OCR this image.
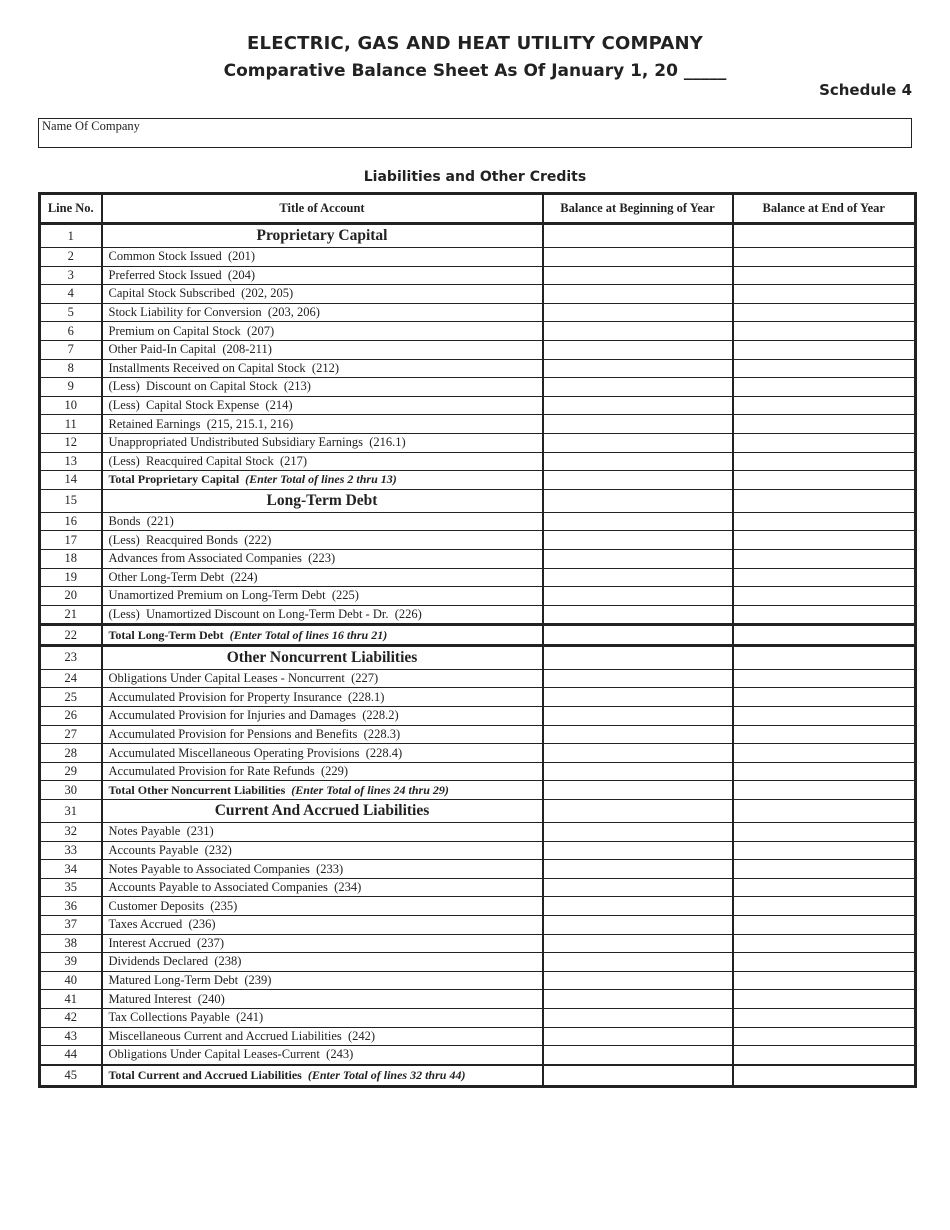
ELECTRIC, GAS AND HEAT UTILITY COMPANY
Comparative Balance Sheet As Of January 1, 20 _____
Schedule 4
Name Of Company
Liabilities and Other Credits
Line No.	Title of Account	Balance at Beginning of Year	Balance at End of Year
1	Proprietary Capital		
2	Common Stock Issued  (201)		
3	Preferred Stock Issued  (204)		
4	Capital Stock Subscribed  (202, 205)		
5	Stock Liability for Conversion  (203, 206)		
6	Premium on Capital Stock  (207)		
7	Other Paid-In Capital  (208-211)		
8	Installments Received on Capital Stock  (212)		
9	(Less)  Discount on Capital Stock  (213)		
10	(Less)  Capital Stock Expense  (214)		
11	Retained Earnings  (215, 215.1, 216)		
12	Unappropriated Undistributed Subsidiary Earnings  (216.1)		
13	(Less)  Reacquired Capital Stock  (217)		
14	Total Proprietary Capital (Enter Total of lines 2 thru 13)		
15	Long-Term Debt		
16	Bonds  (221)		
17	(Less)  Reacquired Bonds  (222)		
18	Advances from Associated Companies  (223)		
19	Other Long-Term Debt  (224)		
20	Unamortized Premium on Long-Term Debt  (225)		
21	(Less)  Unamortized Discount on Long-Term Debt - Dr.  (226)		
22	Total Long-Term Debt (Enter Total of lines 16 thru 21)		
23	Other Noncurrent Liabilities		
24	Obligations Under Capital Leases - Noncurrent  (227)		
25	Accumulated Provision for Property Insurance  (228.1)		
26	Accumulated Provision for Injuries and Damages  (228.2)		
27	Accumulated Provision for Pensions and Benefits  (228.3)		
28	Accumulated Miscellaneous Operating Provisions  (228.4)		
29	Accumulated Provision for Rate Refunds  (229)		
30	Total Other Noncurrent Liabilities (Enter Total of lines 24 thru 29)		
31	Current And Accrued Liabilities		
32	Notes Payable  (231)		
33	Accounts Payable  (232)		
34	Notes Payable to Associated Companies  (233)		
35	Accounts Payable to Associated Companies  (234)		
36	Customer Deposits  (235)		
37	Taxes Accrued  (236)		
38	Interest Accrued  (237)		
39	Dividends Declared  (238)		
40	Matured Long-Term Debt  (239)		
41	Matured Interest  (240)		
42	Tax Collections Payable  (241)		
43	Miscellaneous Current and Accrued Liabilities  (242)		
44	Obligations Under Capital Leases-Current  (243)		
45	Total Current and Accrued Liabilities (Enter Total of lines 32 thru 44)		
